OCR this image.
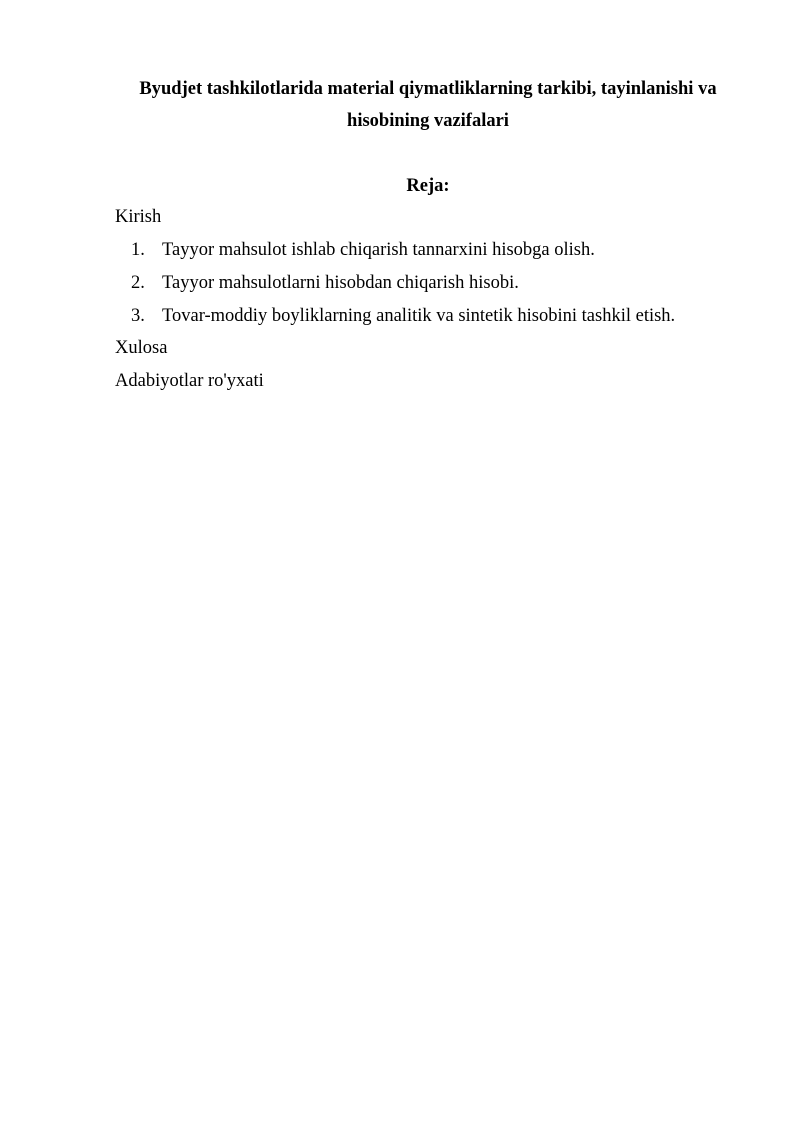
Byudjet tashkilotlarida material qiymatliklarning tarkibi, tayinlanishi va hisobining vazifalari
Reja:

Kirish

1. Tayyor mahsulot ishlab chiqarish tannarxini hisobga olish.
2. Tayyor mahsulotlarni hisobdan chiqarish hisobi.
3. Tovar-moddiy boyliklarning analitik va sintetik hisobini tashkil etish.

Xulosa

Adabiyotlar ro'yxati
